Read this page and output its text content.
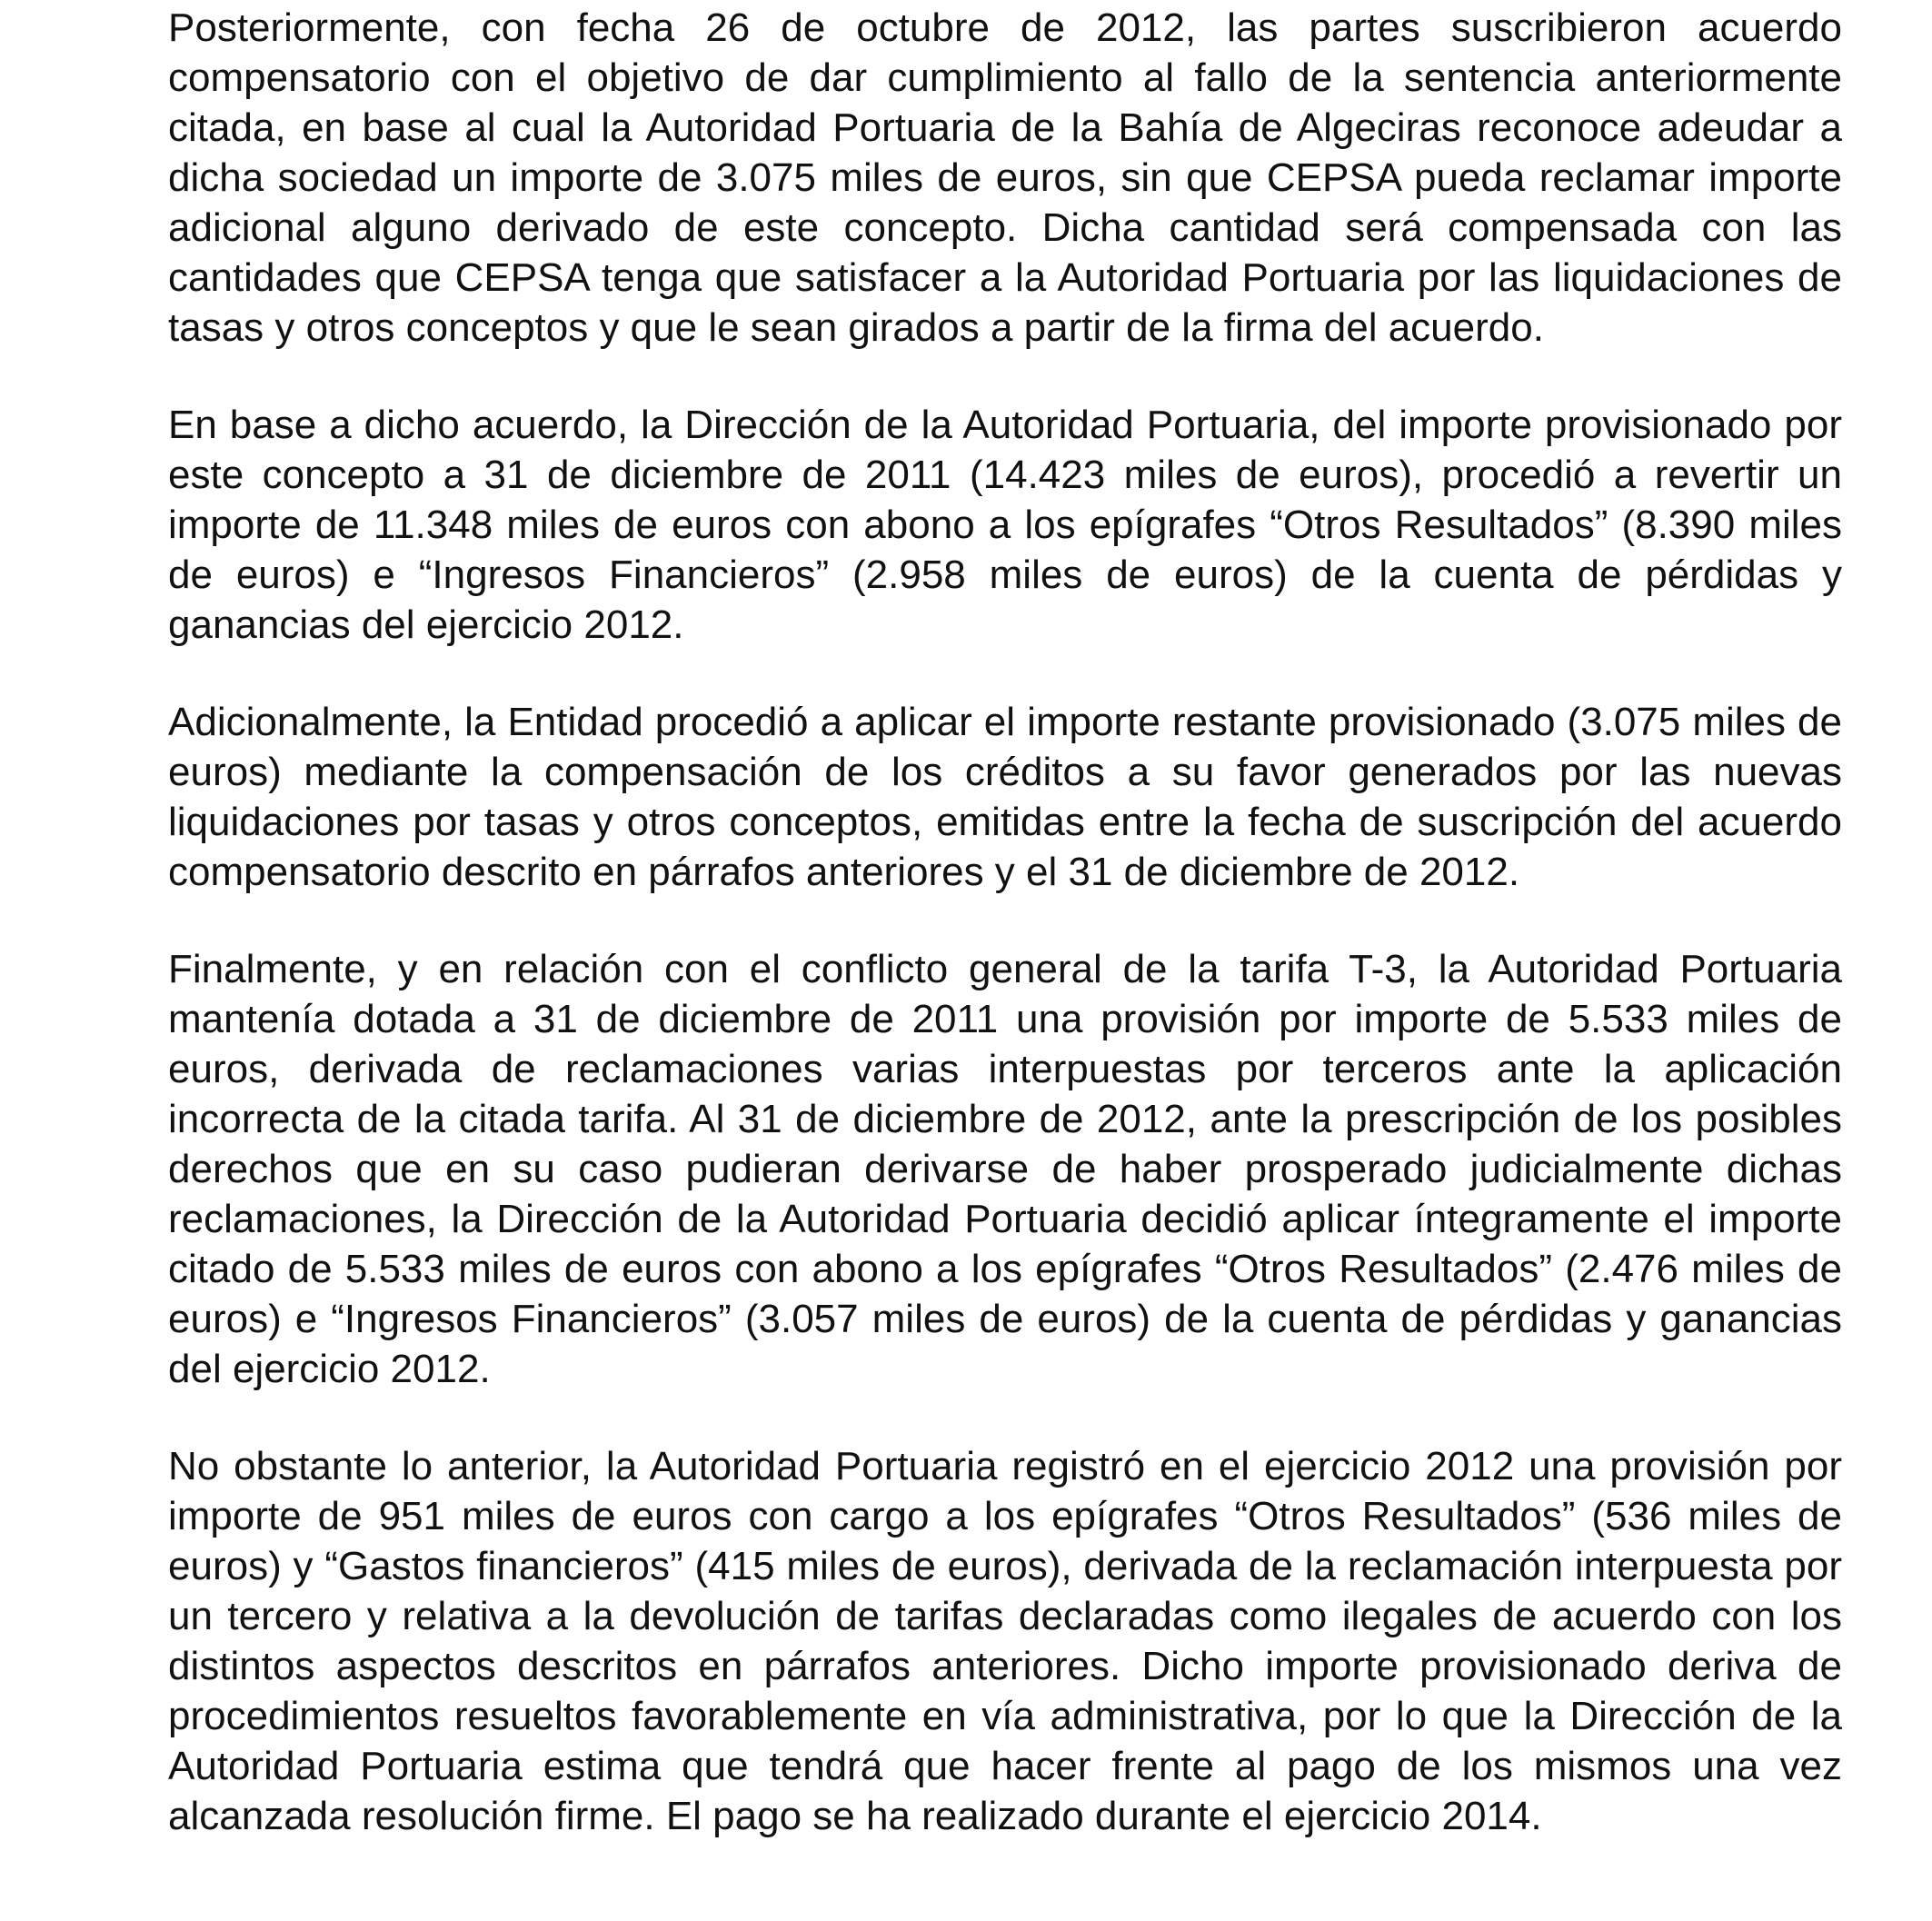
Posteriormente, con fecha 26 de octubre de 2012, las partes suscribieron acuerdo compensatorio con el objetivo de dar cumplimiento al fallo de la sentencia anteriormente citada, en base al cual la Autoridad Portuaria de la Bahía de Algeciras reconoce adeudar a dicha sociedad un importe de 3.075 miles de euros, sin que CEPSA pueda reclamar importe adicional alguno derivado de este concepto. Dicha cantidad será compensada con las cantidades que CEPSA tenga que satisfacer a la Autoridad Portuaria por las liquidaciones de tasas y otros conceptos y que le sean girados a partir de la firma del acuerdo.

En base a dicho acuerdo, la Dirección de la Autoridad Portuaria, del importe provisionado por este concepto a 31 de diciembre de 2011 (14.423 miles de euros), procedió a revertir un importe de 11.348 miles de euros con abono a los epígrafes “Otros Resultados” (8.390 miles de euros) e “Ingresos Financieros” (2.958 miles de euros) de la cuenta de pérdidas y ganancias del ejercicio 2012.

Adicionalmente, la Entidad procedió a aplicar el importe restante provisionado (3.075 miles de euros) mediante la compensación de los créditos a su favor generados por las nuevas liquidaciones por tasas y otros conceptos, emitidas entre la fecha de suscripción del acuerdo compensatorio descrito en párrafos anteriores y el 31 de diciembre de 2012.

Finalmente, y en relación con el conflicto general de la tarifa T-3, la Autoridad Portuaria mantenía dotada a 31 de diciembre de 2011 una provisión por importe de 5.533 miles de euros, derivada de reclamaciones varias interpuestas por terceros ante la aplicación incorrecta de la citada tarifa. Al 31 de diciembre de 2012, ante la prescripción de los posibles derechos que en su caso pudieran derivarse de haber prosperado judicialmente dichas reclamaciones, la Dirección de la Autoridad Portuaria decidió aplicar íntegramente el importe citado de 5.533 miles de euros con abono a los epígrafes “Otros Resultados” (2.476 miles de euros) e “Ingresos Financieros” (3.057 miles de euros) de la cuenta de pérdidas y ganancias del ejercicio 2012.

No obstante lo anterior, la Autoridad Portuaria registró en el ejercicio 2012 una provisión por importe de 951 miles de euros con cargo a los epígrafes “Otros Resultados” (536 miles de euros) y “Gastos financieros” (415 miles de euros), derivada de la reclamación interpuesta por un tercero y relativa a la devolución de tarifas declaradas como ilegales de acuerdo con los distintos aspectos descritos en párrafos anteriores. Dicho importe provisionado deriva de procedimientos resueltos favorablemente en vía administrativa, por lo que la Dirección de la Autoridad Portuaria estima que tendrá que hacer frente al pago de los mismos una vez alcanzada resolución firme. El pago se ha realizado durante el ejercicio 2014.
